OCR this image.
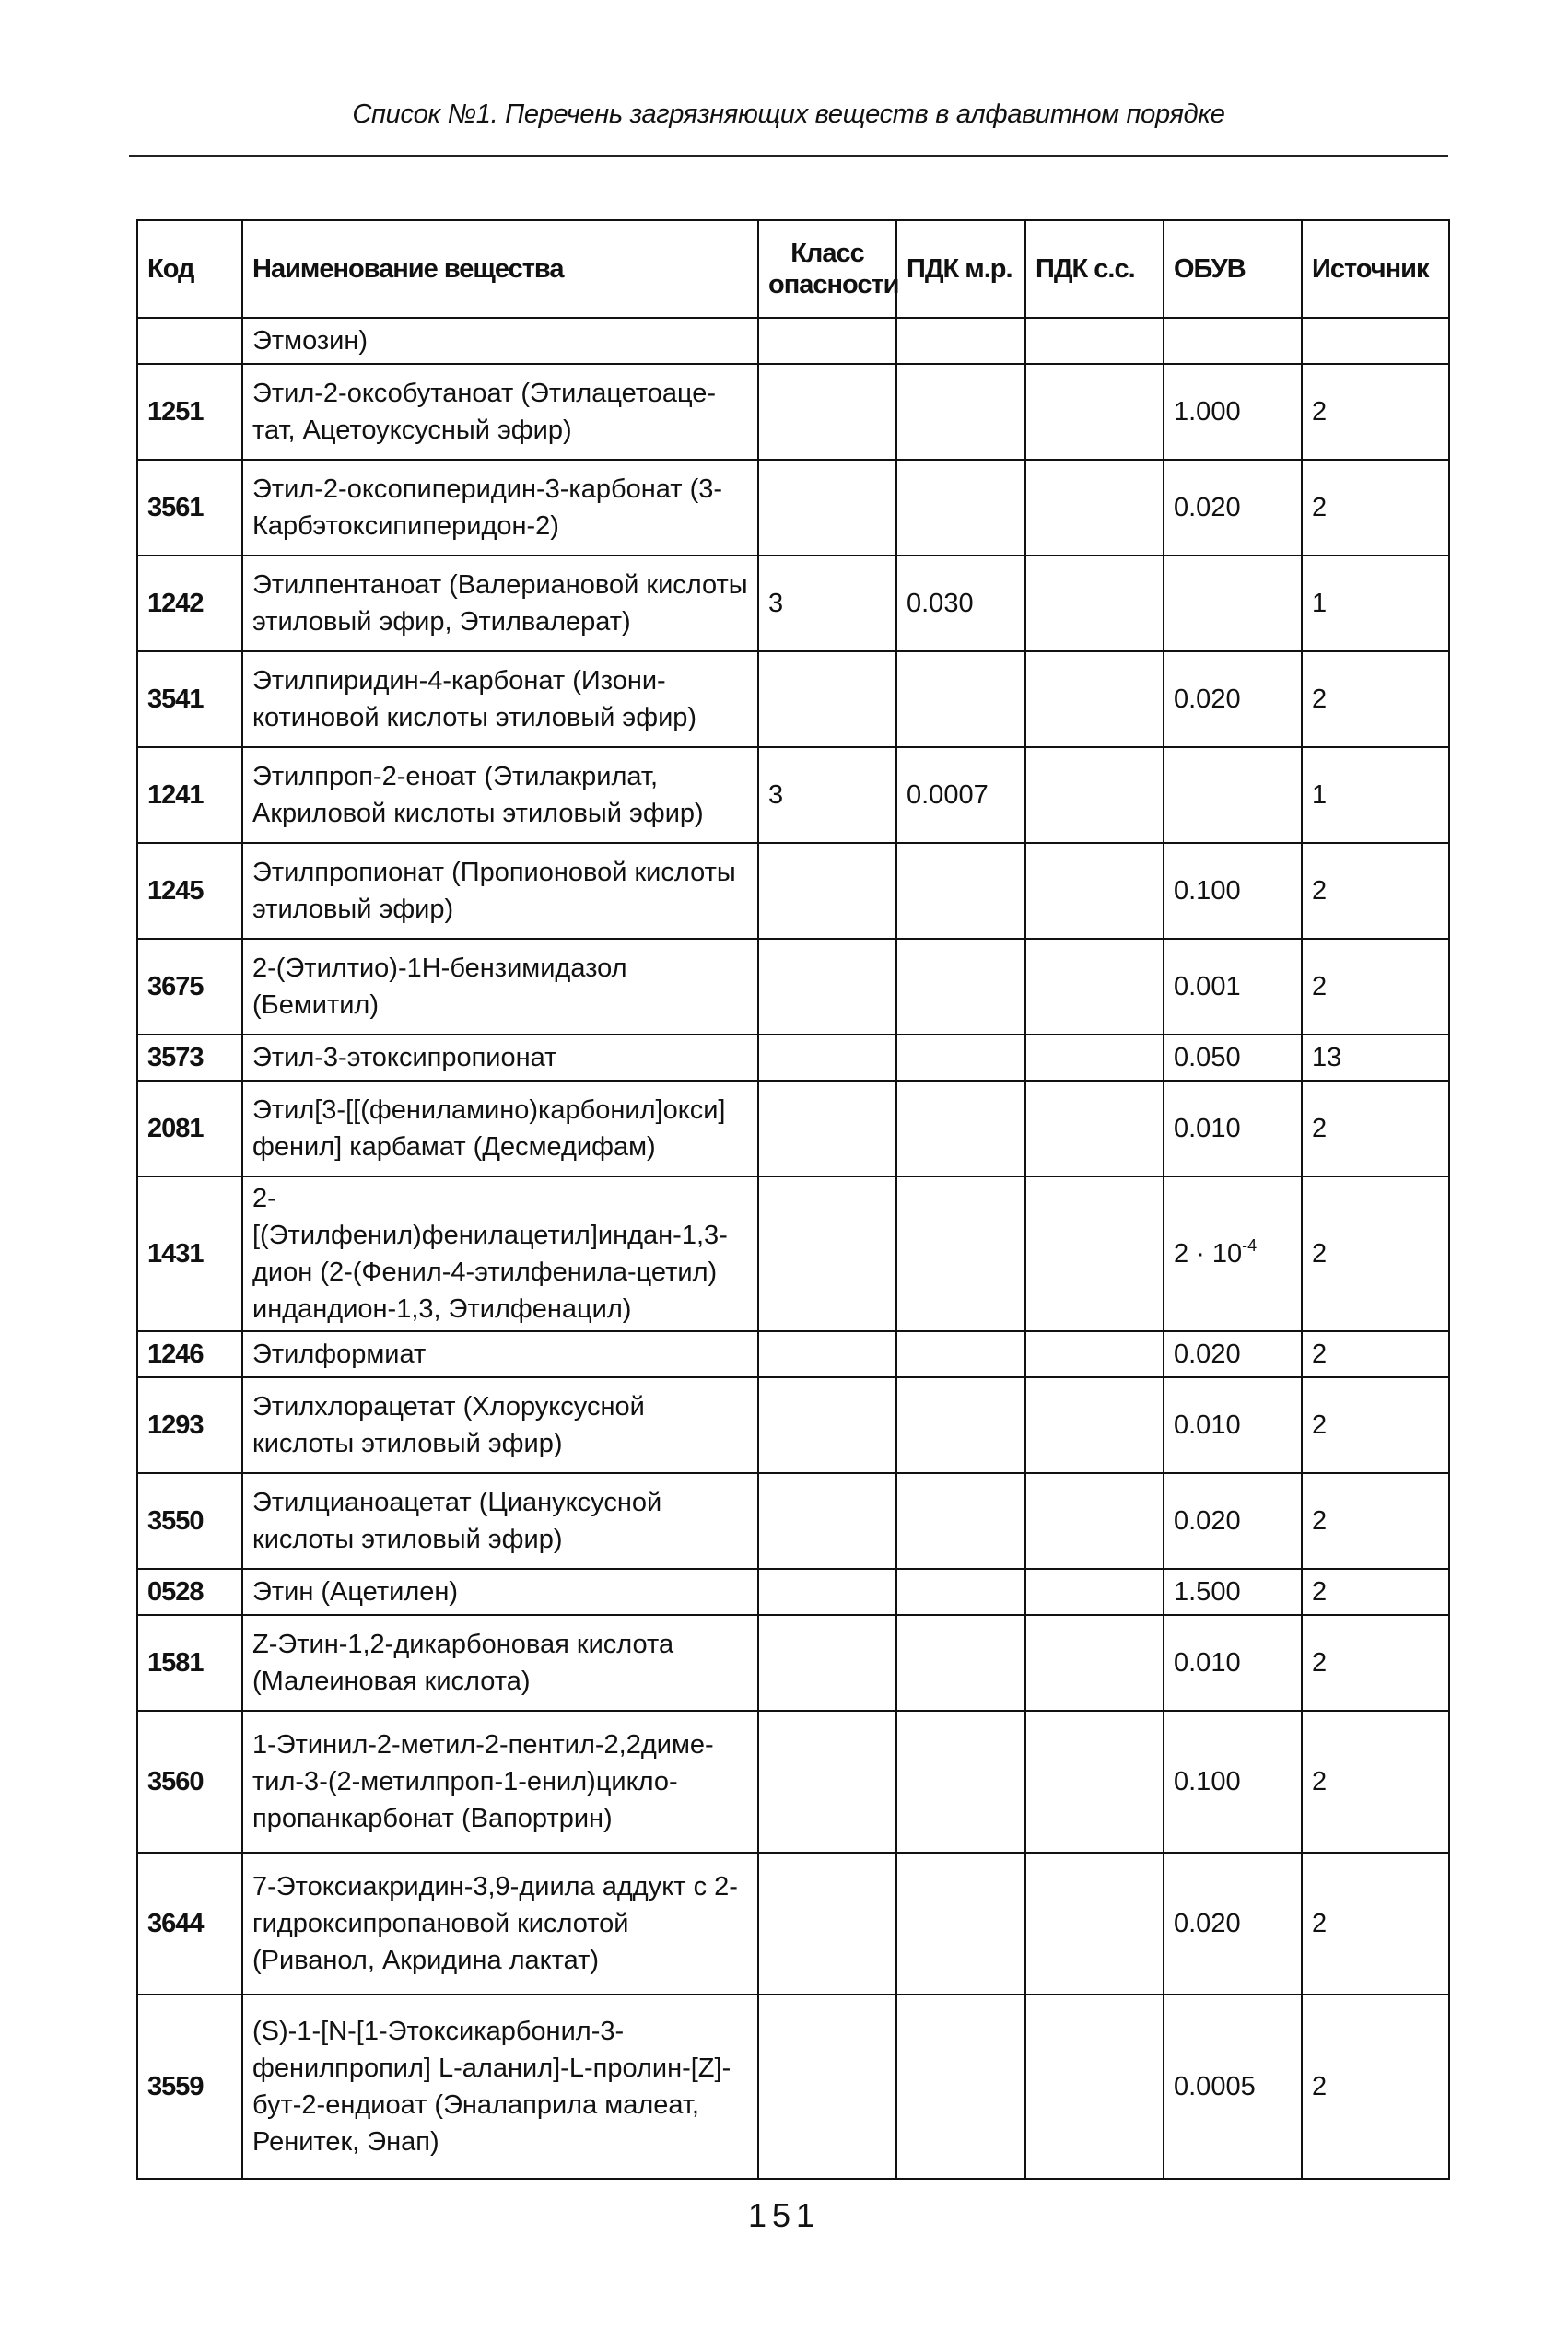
Список №1. Перечень загрязняющих веществ в алфавитном порядке
Код	Наименование вещества	Класс опасности	ПДК м.р.	ПДК с.с.	ОБУВ	Источник
	Этмозин)					
1251	Этил-2-оксобутаноат (Этилацетоаце-тат, Ацетоуксусный эфир)				1.000	2
3561	Этил-2-оксопиперидин-3-карбонат (3-Карбэтоксипиперидон-2)				0.020	2
1242	Этилпентаноат (Валериановой кислоты этиловый эфир, Этилвалерат)	3	0.030			1
3541	Этилпиридин-4-карбонат (Изони-котиновой кислоты этиловый эфир)				0.020	2
1241	Этилпроп-2-еноат (Этилакрилат, Акриловой кислоты этиловый эфир)	3	0.0007			1
1245	Этилпропионат (Пропионовой кислоты этиловый эфир)				0.100	2
3675	2-(Этилтио)-1Н-бензимидазол (Бемитил)				0.001	2
3573	Этил-3-этоксипропионат				0.050	13
2081	Этил[3-[[(фениламино)карбонил]окси] фенил] карбамат (Десмедифам)				0.010	2
1431	2-[(Этилфенил)фенилацетил]индан-1,3-дион (2-(Фенил-4-этилфенила-цетил) индандион-1,3, Этилфенацил)				$2 \cdot 10^{-4}$	2
1246	Этилформиат				0.020	2
1293	Этилхлорацетат (Хлоруксусной кислоты этиловый эфир)				0.010	2
3550	Этилцианоацетат (Циануксусной кислоты этиловый эфир)				0.020	2
0528	Этин (Ацетилен)				1.500	2
1581	Z-Этин-1,2-дикарбоновая кислота (Малеиновая кислота)				0.010	2
3560	1-Этинил-2-метил-2-пентил-2,2диме-тил-3-(2-метилпроп-1-енил)цикло-пропанкарбонат (Вапортрин)				0.100	2
3644	7-Этоксиакридин-3,9-диила аддукт с 2-гидроксипропановой кислотой (Риванол, Акридина лактат)				0.020	2
3559	(S)-1-[N-[1-Этоксикарбонил-3-фенилпропил] L-аланил]-L-пролин-[Z]-бут-2-ендиоат (Эналаприла малеат, Ренитек, Энап)				0.0005	2
151
